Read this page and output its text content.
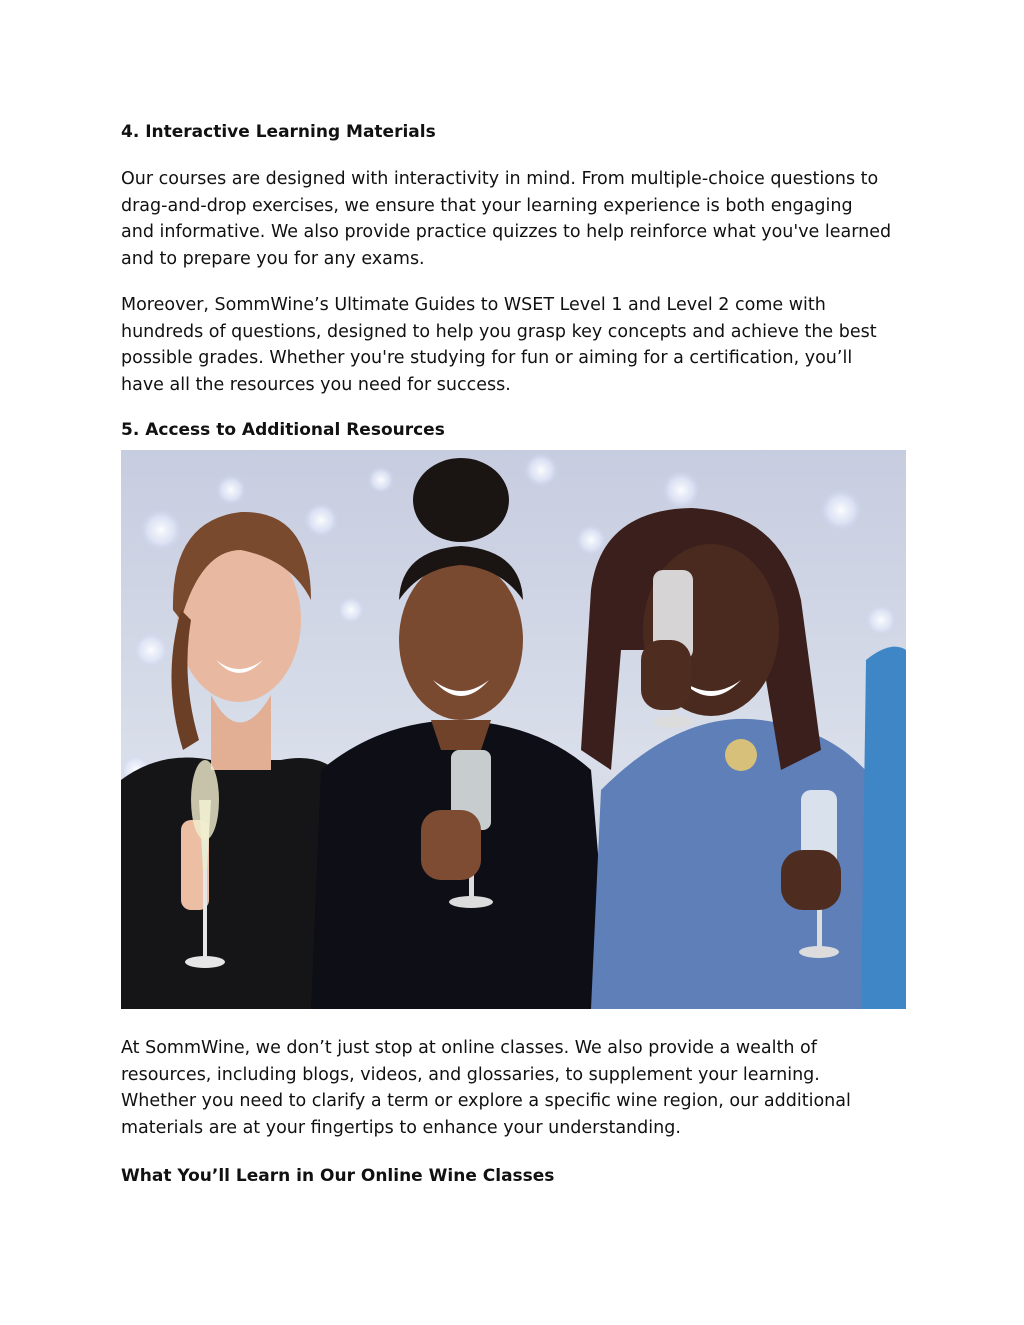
4. Interactive Learning Materials
Our courses are designed with interactivity in mind. From multiple-choice questions to
drag-and-drop exercises, we ensure that your learning experience is both engaging
and informative. We also provide practice quizzes to help reinforce what you've learned
and to prepare you for any exams.
Moreover, SommWine’s Ultimate Guides to WSET Level 1 and Level 2 come with
hundreds of questions, designed to help you grasp key concepts and achieve the best
possible grades. Whether you're studying for fun or aiming for a certification, you’ll
have all the resources you need for success.
5. Access to Additional Resources
At SommWine, we don’t just stop at online classes. We also provide a wealth of
resources, including blogs, videos, and glossaries, to supplement your learning.
Whether you need to clarify a term or explore a specific wine region, our additional
materials are at your fingertips to enhance your understanding.
What You’ll Learn in Our Online Wine Classes
